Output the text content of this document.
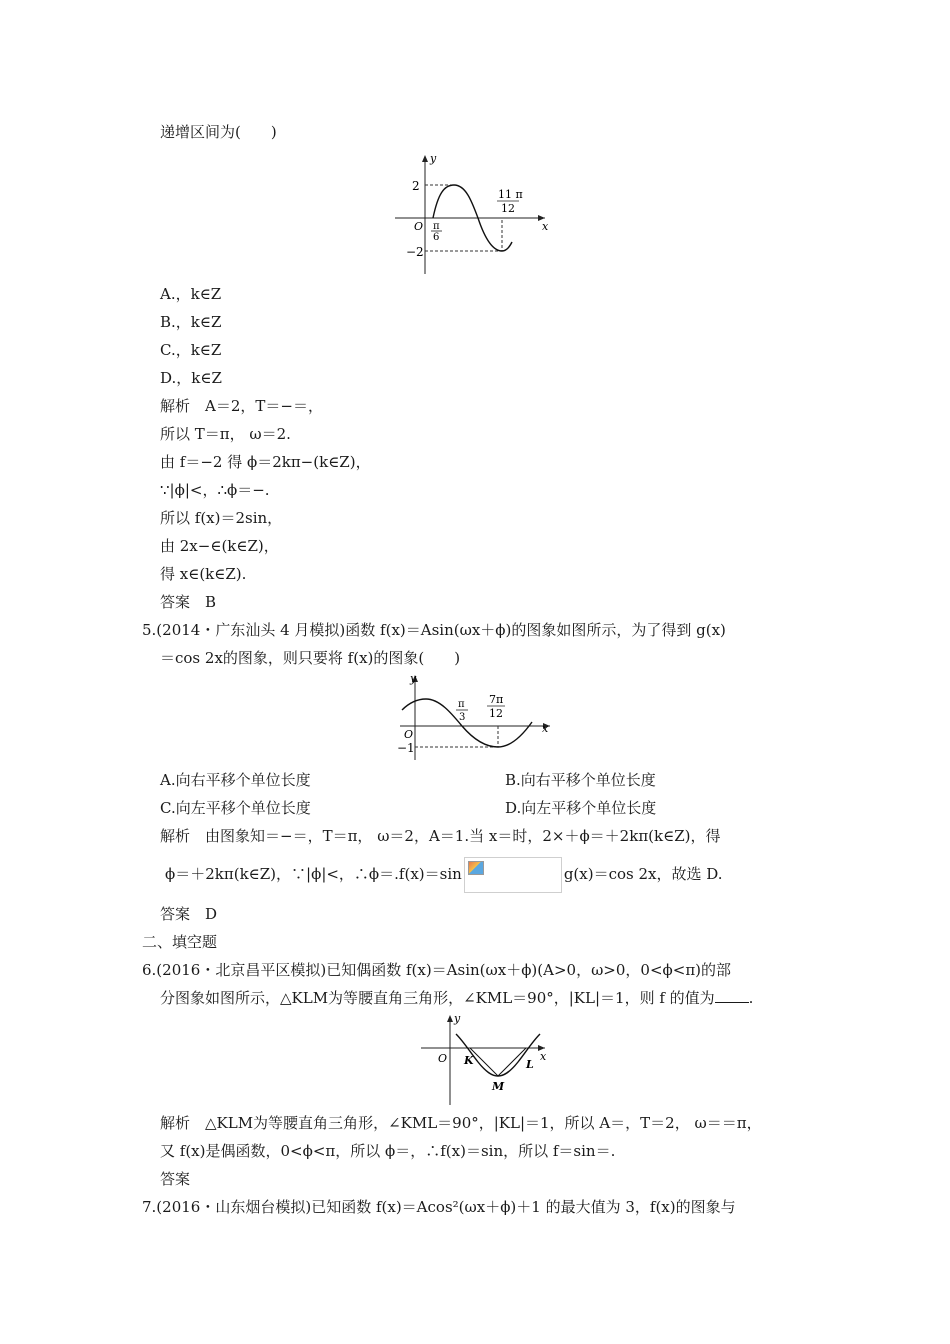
递增区间为(　　)
y
x
2
−2
O π
6
11 π
12
A.，k∈Z
B.，k∈Z
C.，k∈Z
D.，k∈Z
解析　A＝2，T＝−＝，
所以 T＝π， ω＝2.
由 f＝−2 得 ϕ＝2kπ−(k∈Z)，
∵|ϕ|<，∴ϕ＝−.
所以 f(x)＝2sin，
由 2x−∈(k∈Z)，
得 x∈(k∈Z).
答案　B
5.(2014・广东汕头 4 月模拟)函数 f(x)＝Asin(ωx＋ϕ)的图象如图所示，为了得到 g(x)
＝cos 2x的图象，则只要将 f(x)的图象(　　)
y
x
O
−1
π
3
7π
12
A.向右平移个单位长度	B.向右平移个单位长度
C.向左平移个单位长度	D.向左平移个单位长度
解析　由图象知＝−＝，T＝π， ω＝2，A＝1.当 x＝时，2×＋ϕ＝＋2kπ(k∈Z)，得
ϕ＝＋2kπ(k∈Z)，∵|ϕ|<，∴ϕ＝.f(x)＝sin	g(x)＝cos 2x，故选 D.
答案　D
二、填空题
6.(2016・北京昌平区模拟)已知偶函数 f(x)＝Asin(ωx＋ϕ)(A>0，ω>0，0<ϕ<π)的部
分图象如图所示，△KLM为等腰直角三角形，∠KML＝90°，|KL|＝1，则 f 的值为 .
y
x
O K	L
M
解析　△KLM为等腰直角三角形，∠KML＝90°，|KL|＝1，所以 A＝，T＝2， ω＝＝π，
又 f(x)是偶函数，0<ϕ<π，所以 ϕ＝，∴f(x)＝sin，所以 f＝sin＝.
答案
7.(2016・山东烟台模拟)已知函数 f(x)＝Acos²(ωx＋ϕ)＋1 的最大值为 3，f(x)的图象与
